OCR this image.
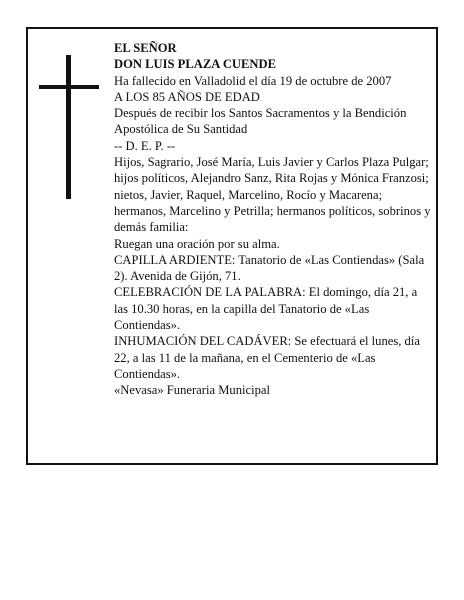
EL SEÑOR

DON LUIS PLAZA CUENDE

Ha fallecido en Valladolid el día 19 de octubre de 2007

A LOS 85 AÑOS DE EDAD

Después de recibir los Santos Sacramentos y la Bendición Apostólica de Su Santidad

-- D. E. P. --

Hijos, Sagrario, José María, Luis Javier y Carlos Plaza Pulgar; hijos políticos, Alejandro Sanz, Rita Rojas y Mónica Franzosi; nietos, Javier, Raquel, Marcelino, Rocío y Macarena; hermanos, Marcelino y Petrilla; hermanos políticos, sobrinos y demás familia:

Ruegan una oración por su alma.

CAPILLA ARDIENTE: Tanatorio de «Las Contiendas» (Sala 2). Avenida de Gijón, 71.

CELEBRACIÓN DE LA PALABRA: El domingo, día 21, a las 10.30 horas, en la capilla del Tanatorio de «Las Contiendas».

INHUMACIÓN DEL CADÁVER: Se efectuará el lunes, día 22, a las 11 de la mañana, en el Cementerio de «Las Contiendas».

«Nevasa» Funeraria Municipal
